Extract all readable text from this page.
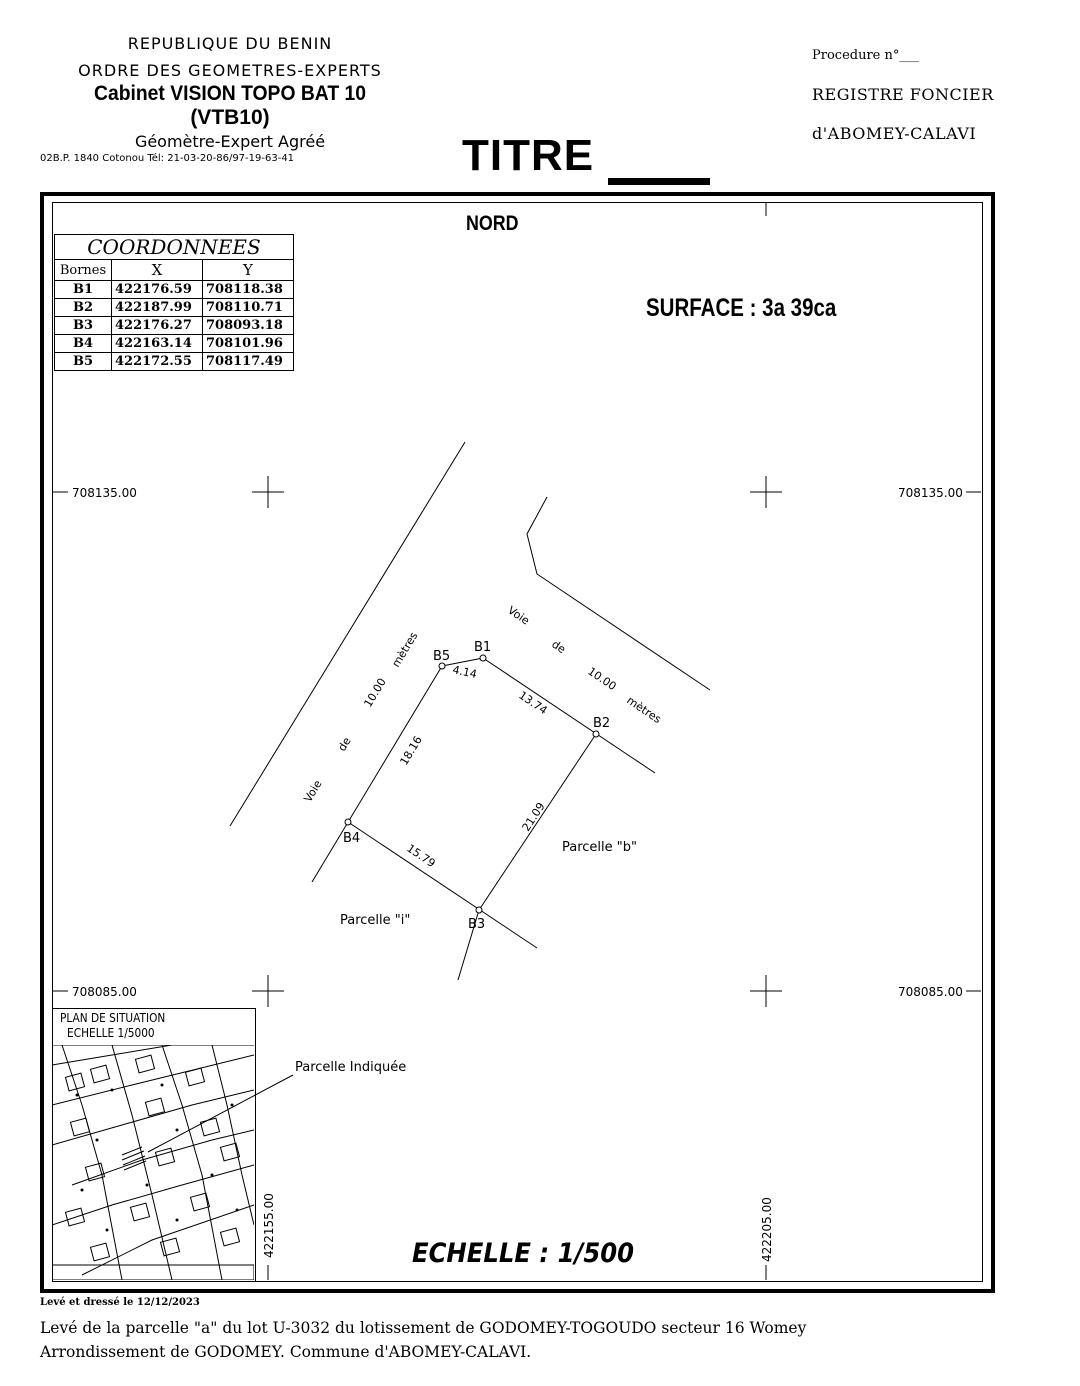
REPUBLIQUE DU BENIN
ORDRE DES GEOMETRES-EXPERTS
Cabinet VISION TOPO BAT 10
(VTB10)
Géomètre-Expert Agréé
02B.P. 1840 Cotonou Tél: 21-03-20-86/97-19-63-41	TITRE
Procedure n°___
REGISTRE FONCIER
d'ABOMEY-CALAVI
708135.00	708135.00
708085.00	708085.00
422155.00	422205.00
B1
B2
B3
B4
B5
4.14
13.74
21.09
15.79
18.16
Voie
de
10.00
mètres
Voie
de
10.00
mètres
Parcelle "b"
Parcelle "i"
Parcelle Indiquée
COORDONNEES		
Bornes	X	Y
B1	422176.59	708118.38
B2	422187.99	708110.71
B3	422176.27	708093.18
B4	422163.14	708101.96
B5	422172.55	708117.49
NORD
SURFACE : 3a 39ca
PLAN DE SITUATION
ECHELLE 1/5000
ECHELLE : 1/500
Levé et dressé le 12/12/2023
Levé de la parcelle "a" du lot U-3032 du lotissement de GODOMEY-TOGOUDO secteur 16 Womey
Arrondissement de GODOMEY. Commune d'ABOMEY-CALAVI.
